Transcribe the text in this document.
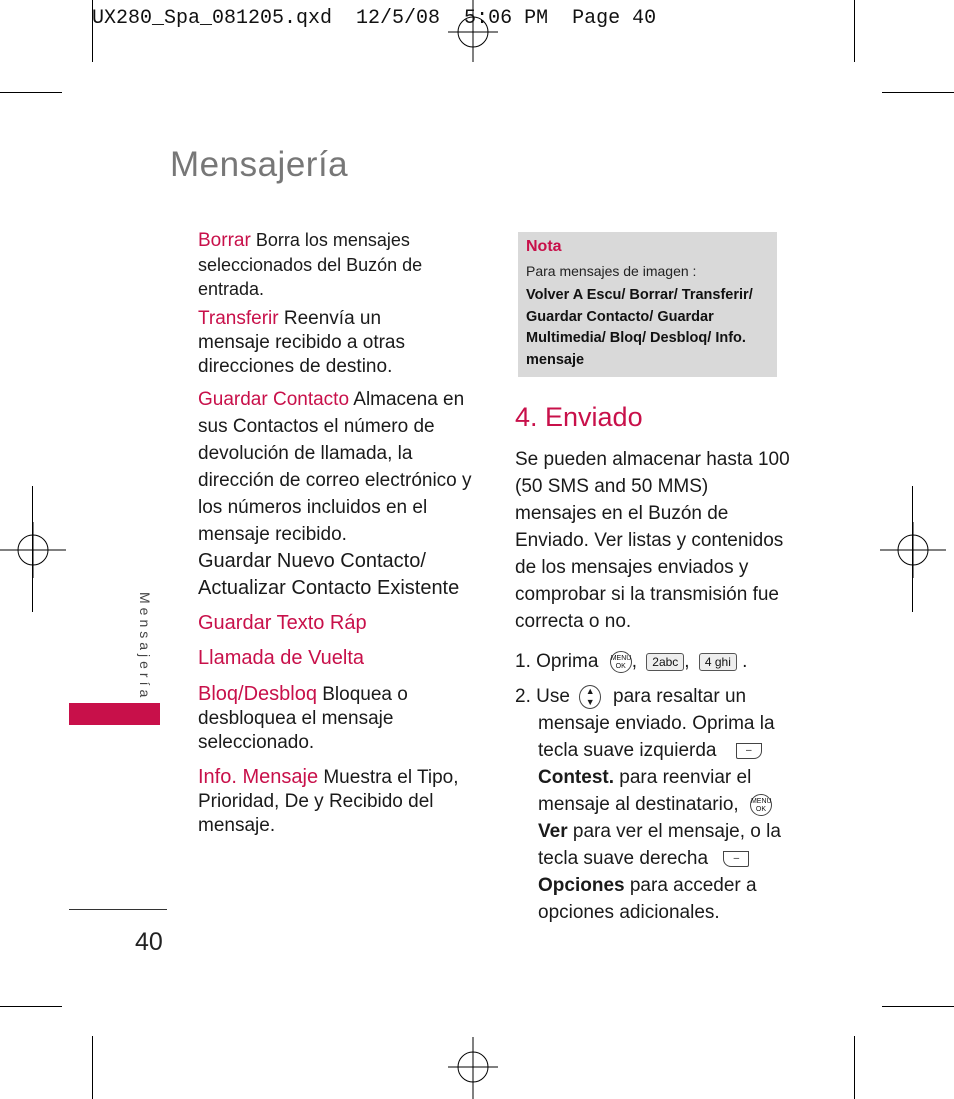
UX280_Spa_081205.qxd  12/5/08  5:06 PM  Page 40
Mensajería
Borrar Borra los mensajes seleccionados del Buzón de entrada.
Transferir Reenvía un mensaje recibido a otras direcciones de destino.
Guardar Contacto Almacena en sus Contactos el número de devolución de llamada, la dirección de correo electrónico y los números incluidos en el mensaje recibido.
Guardar Nuevo Contacto/ Actualizar Contacto Existente
Guardar Texto Ráp
Llamada de Vuelta
Bloq/Desbloq Bloquea o desbloquea el mensaje seleccionado.
Info. Mensaje Muestra el Tipo, Prioridad, De y Recibido del mensaje.
Nota
Para mensajes de imagen :
Volver A Escu/ Borrar/ Transferir/ Guardar Contacto/ Guardar Multimedia/ Bloq/ Desbloq/ Info. mensaje
4. Enviado
Se pueden almacenar hasta 100 (50 SMS and 50 MMS) mensajes en el Buzón de Enviado. Ver listas y contenidos de los mensajes enviados y comprobar si la transmisión fue correcta o no.
1. Oprima MENU
OK , 2abc , 4 ghi .
2. Use ▲
▼ para resaltar un mensaje enviado. Oprima la tecla suave izquierda	– Contest. para reenviar el mensaje al destinatario, MENU
OK Ver para ver el mensaje, o la tecla suave derecha	– Opciones para acceder a opciones adicionales.
Mensajería
40
